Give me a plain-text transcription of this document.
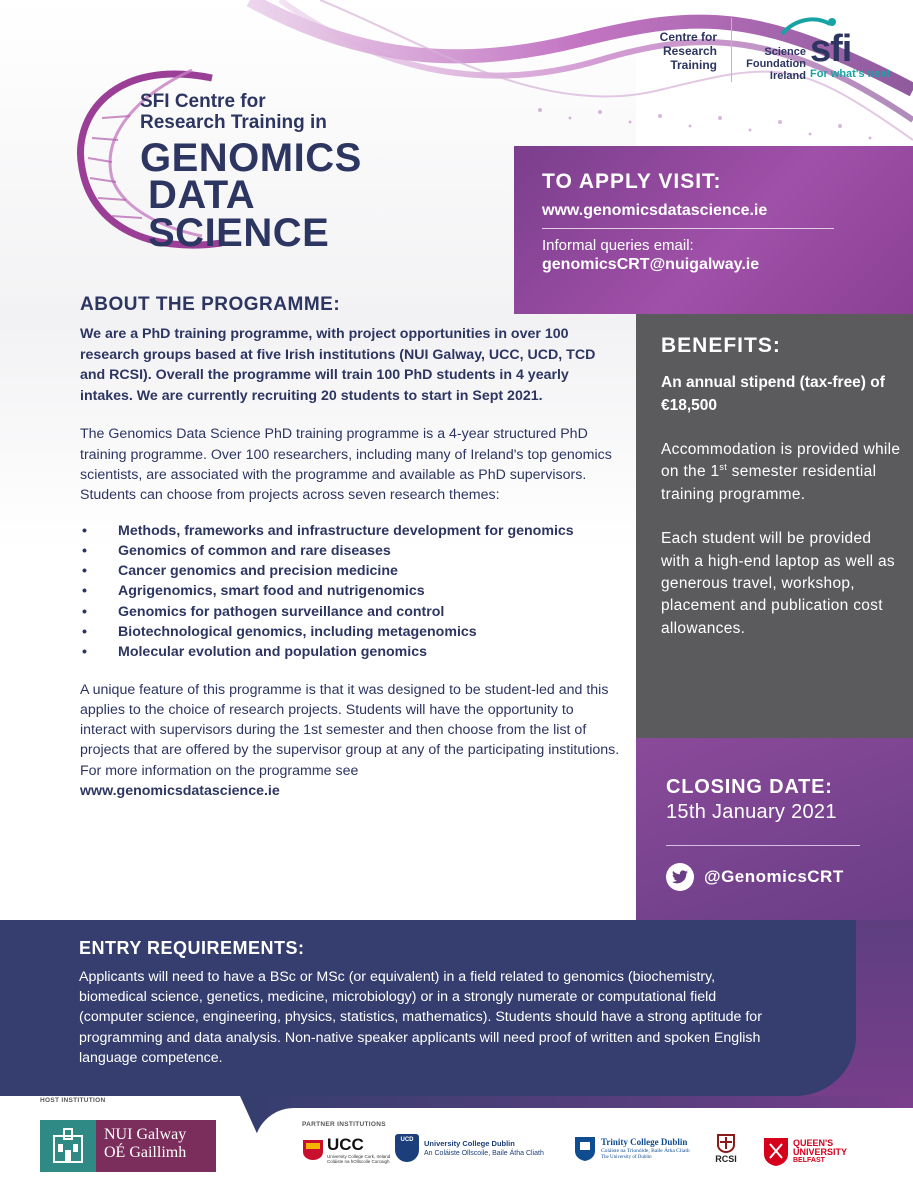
SFI Centre for
Research Training in
GENOMICS
DATA SCIENCE
Centre for
Research
Training
Science
Foundation
Ireland
sfi
For what's next
TO APPLY VISIT:
www.genomicsdatascience.ie
Informal queries email:
genomicsCRT@nuigalway.ie
ABOUT THE PROGRAMME:
We are a PhD training programme, with project opportunities in over 100 research groups based at five Irish institutions (NUI Galway, UCC, UCD, TCD and RCSI). Overall the programme will train 100 PhD students in 4 yearly intakes. We are currently recruiting 20 students to start in Sept 2021.
The Genomics Data Science PhD training programme is a 4-year structured PhD training programme. Over 100 researchers, including many of Ireland's top genomics scientists, are associated with the programme and available as PhD supervisors. Students can choose from projects across seven research themes:
• Methods, frameworks and infrastructure development for genomics
• Genomics of common and rare diseases
• Cancer genomics and precision medicine
• Agrigenomics, smart food and nutrigenomics
• Genomics for pathogen surveillance and control
• Biotechnological genomics, including metagenomics
• Molecular evolution and population genomics
A unique feature of this programme is that it was designed to be student-led and this applies to the choice of research projects. Students will have the opportunity to interact with supervisors during the 1st semester and then choose from the list of projects that are offered by the supervisor group at any of the participating institutions. For more information on the programme see
www.genomicsdatascience.ie
BENEFITS:
An annual stipend (tax-free) of €18,500
Accommodation is provided while on the 1st semester residential training programme.
Each student will be provided with a high-end laptop as well as generous travel, workshop, placement and publication cost allowances.
CLOSING DATE:
15th January 2021
@GenomicsCRT
ENTRY REQUIREMENTS:
Applicants will need to have a BSc or MSc (or equivalent) in a field related to genomics (biochemistry, biomedical science, genetics, medicine, microbiology) or in a strongly numerate or computational field (computer science, engineering, physics, statistics, mathematics). Students should have a strong aptitude for programming and data analysis. Non-native speaker applicants will need proof of written and spoken English language competence.
HOST INSTITUTION
NUI Galway
OÉ Gaillimh
PARTNER INSTITUTIONS
UCC
University College Cork, Ireland
Coláiste na hOllscoile Corcaigh
UCD University College Dublin
An Coláiste Ollscoile, Baile Átha Cliath
Trinity College Dublin
Coláiste na Tríonóide, Baile Átha Cliath
The University of Dublin	RCSI
QUEEN'S
UNIVERSITY
BELFAST
